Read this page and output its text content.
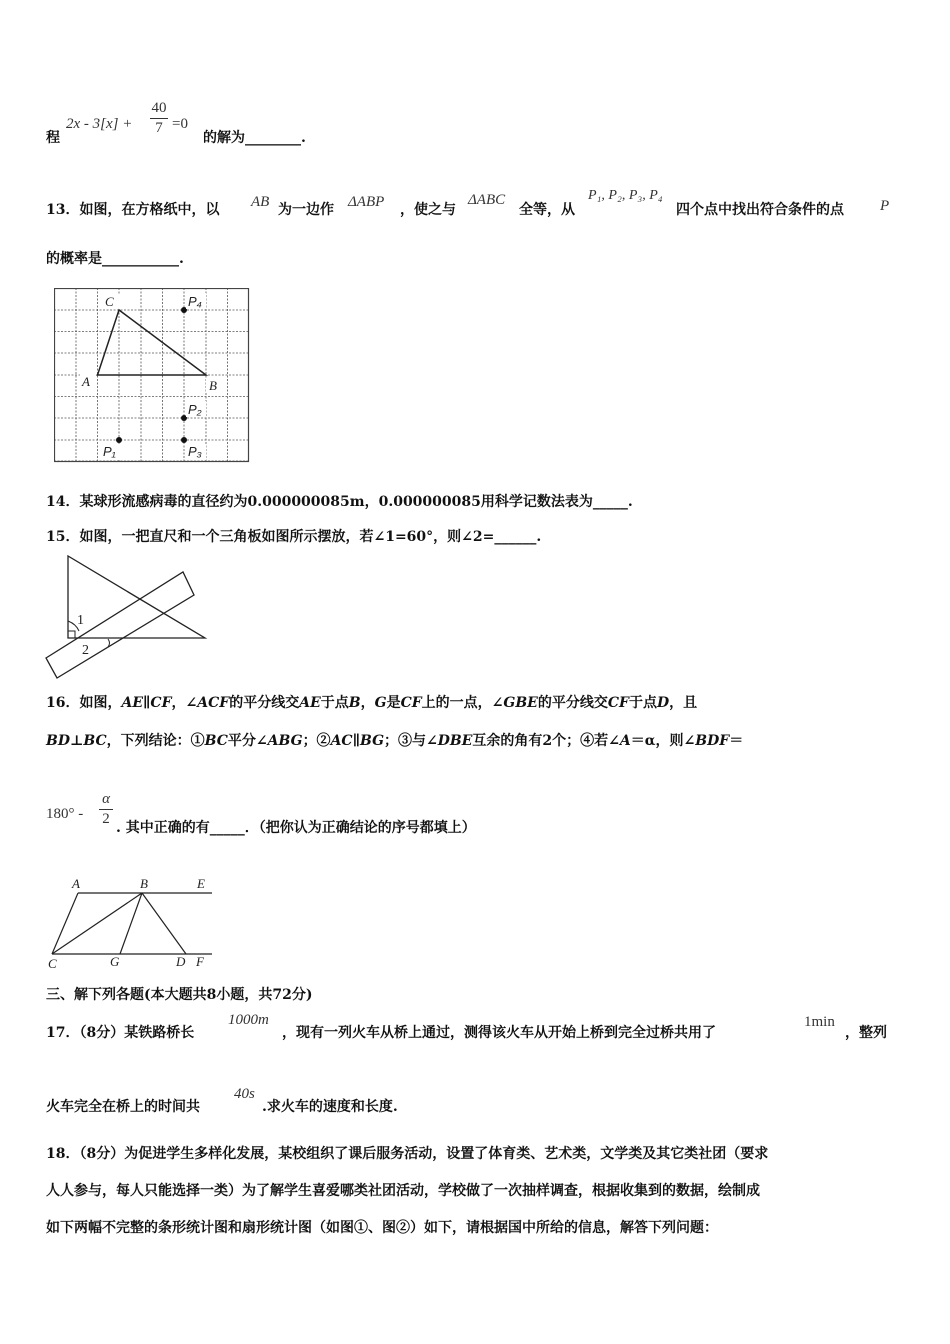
程
2x - 3[x] +
40
7 =0
的解为________.
13．如图，在方格纸中，以 AB 为一边作 ΔABP ，使之与
ΔABC
全等，从
P₁, P₂, P₃, P₄
四个点中找出符合条件的点 P
的概率是___________.
C
A	B
P₄
P₂
P₁	P₃
14．某球形流感病毒的直径约为0.000000085m，0.000000085用科学记数法表为_____.
15．如图，一把直尺和一个三角板如图所示摆放，若∠1=60°，则∠2=______.
1
2
16．如图，AE∥CF，∠ACF的平分线交AE于点B，G是CF上的一点，∠GBE的平分线交CF于点D，且
BD⊥BC，下列结论：①BC平分∠ABG；②AC∥BG；③与∠DBE互余的角有2个；④若∠A＝α，则∠BDF＝
180° -
α
2
. 其中正确的有_____．（把你认为正确结论的序号都填上）
A	B	E
C	G	D F
三、解下列各题(本大题共8小题，共72分)
17．（8分）某铁路桥长
1000m
，现有一列火车从桥上通过，测得该火车从开始上桥到完全过桥共用了
1min
，整列
火车完全在桥上的时间共
40s
.求火车的速度和长度.
18．（8分）为促进学生多样化发展，某校组织了课后服务活动，设置了体育类、艺术类，文学类及其它类社团（要求
人人参与，每人只能选择一类）为了解学生喜爱哪类社团活动，学校做了一次抽样调查，根据收集到的数据，绘制成
如下两幅不完整的条形统计图和扇形统计图（如图①、图②）如下，请根据国中所给的信息，解答下列问题：
